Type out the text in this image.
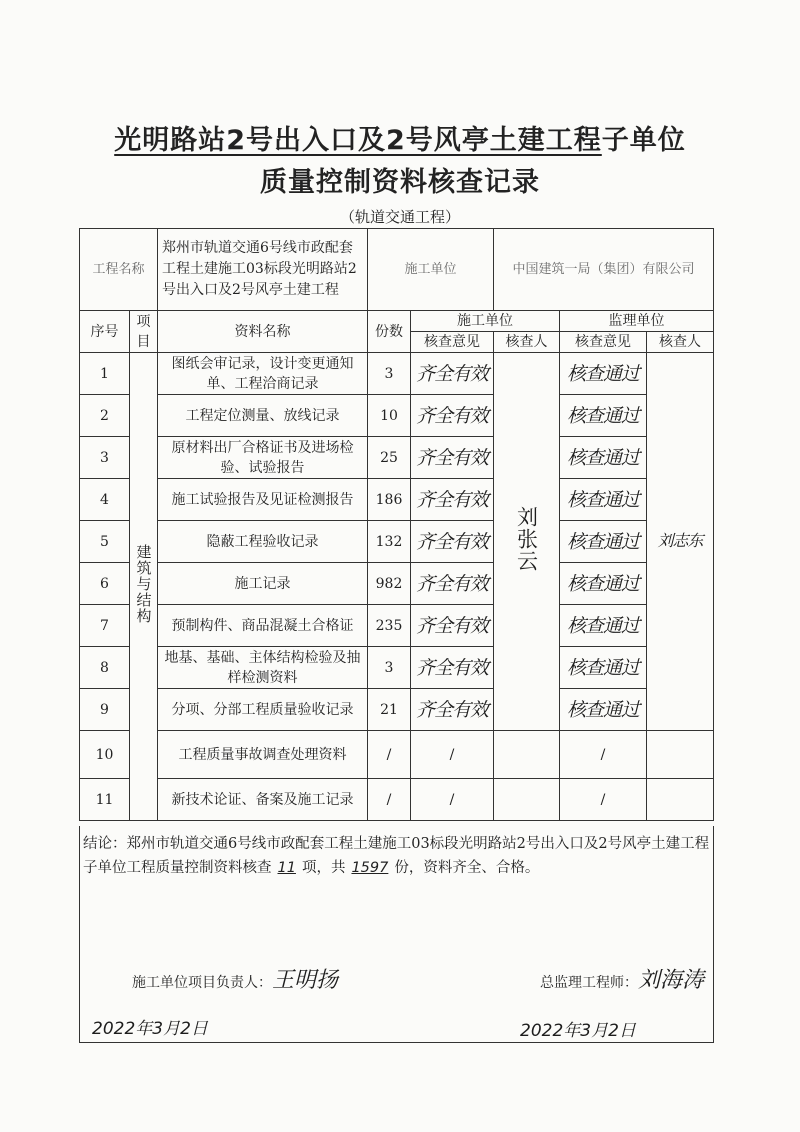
光明路站2号出入口及2号风亭土建工程子单位
质量控制资料核查记录
（轨道交通工程）
工程名称		郑州市轨道交通6号线市政配套工程土建施工03标段光明路站2号出入口及2号风亭土建工程	施工单位		中国建筑一局（集团）有限公司		
序号	项目	资料名称	份数	施工单位		监理单位	
				核查意见	核查人	核查意见	核查人
1	建筑与结构	图纸会审记录，设计变更通知单、工程洽商记录	3	齐全有效	刘张云	核查通过	刘志东
2		工程定位测量、放线记录	10	齐全有效		核查通过	
3		原材料出厂合格证书及进场检验、试验报告	25	齐全有效		核查通过	
4		施工试验报告及见证检测报告	186	齐全有效		核查通过	
5		隐蔽工程验收记录	132	齐全有效		核查通过	
6		施工记录	982	齐全有效		核查通过	
7		预制构件、商品混凝土合格证	235	齐全有效		核查通过	
8		地基、基础、主体结构检验及抽样检测资料	3	齐全有效		核查通过	
9		分项、分部工程质量验收记录	21	齐全有效		核查通过	
10		工程质量事故调查处理资料	/	/		/	
11		新技术论证、备案及施工记录	/	/		/	
结论：郑州市轨道交通6号线市政配套工程土建施工03标段光明路站2号出入口及2号风亭土建工程子单位工程质量控制资料核查 11 项，共 1597 份，资料齐全、合格。
施工单位项目负责人：王明扬	总监理工程师：刘海涛
2022年3月2日	2022年3月2日
